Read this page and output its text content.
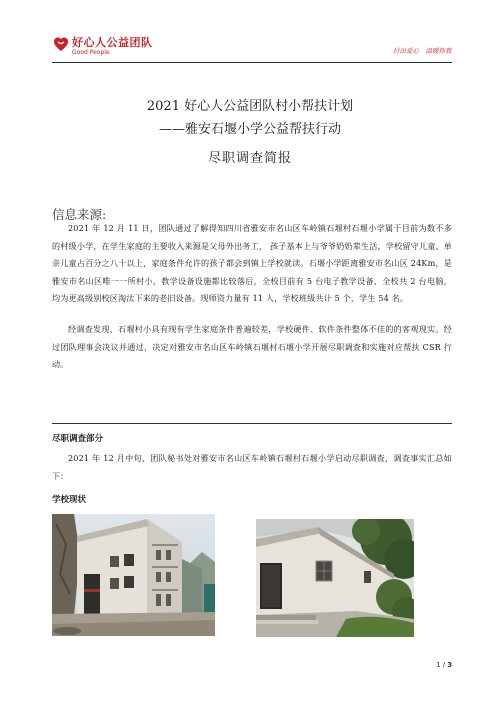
好心人公益团队
Good People	付出爱心　温暖你我
2021 好心人公益团队村小帮扶计划
——雅安石堰小学公益帮扶行动
尽职调查简报
信息来源:

2021 年 12 月 11 日，团队通过了解得知四川省雅安市名山区车岭镇石堰村石堰小学属于目前为数不多的村级小学，在学生家庭的主要收入来源是父母外出务工， 孩子基本上与爷爷奶奶辈生活，学校留守儿童、单亲儿童占百分之八十以上，家庭条件允许的孩子都会到镇上学校就读。石堰小学距离雅安市名山区 24Km，是雅安市名山区唯一一所村小，教学设备设施都比较落后，全校目前有 5 台电子教学设备、全校共 2 台电脑，均为更高级别校区淘汰下来的老旧设备。现师资力量有 11 人，学校班级共计 5 个，学生 54 名。

经调查发现，石堰村小具有现有学生家庭条件普遍较差，学校硬件、软件条件整体不佳的的客观现实。经过团队理事会决议并通过，决定对雅安市名山区车岭镇石堰村石堰小学开展尽职调查和实施对应帮扶 CSR 行动。

尽职调查部分

2021 年 12 月中旬，团队秘书处对雅安市名山区车岭镇石堰村石堰小学启动尽职调查，调查事实汇总如下：

学校现状
1 / 3
